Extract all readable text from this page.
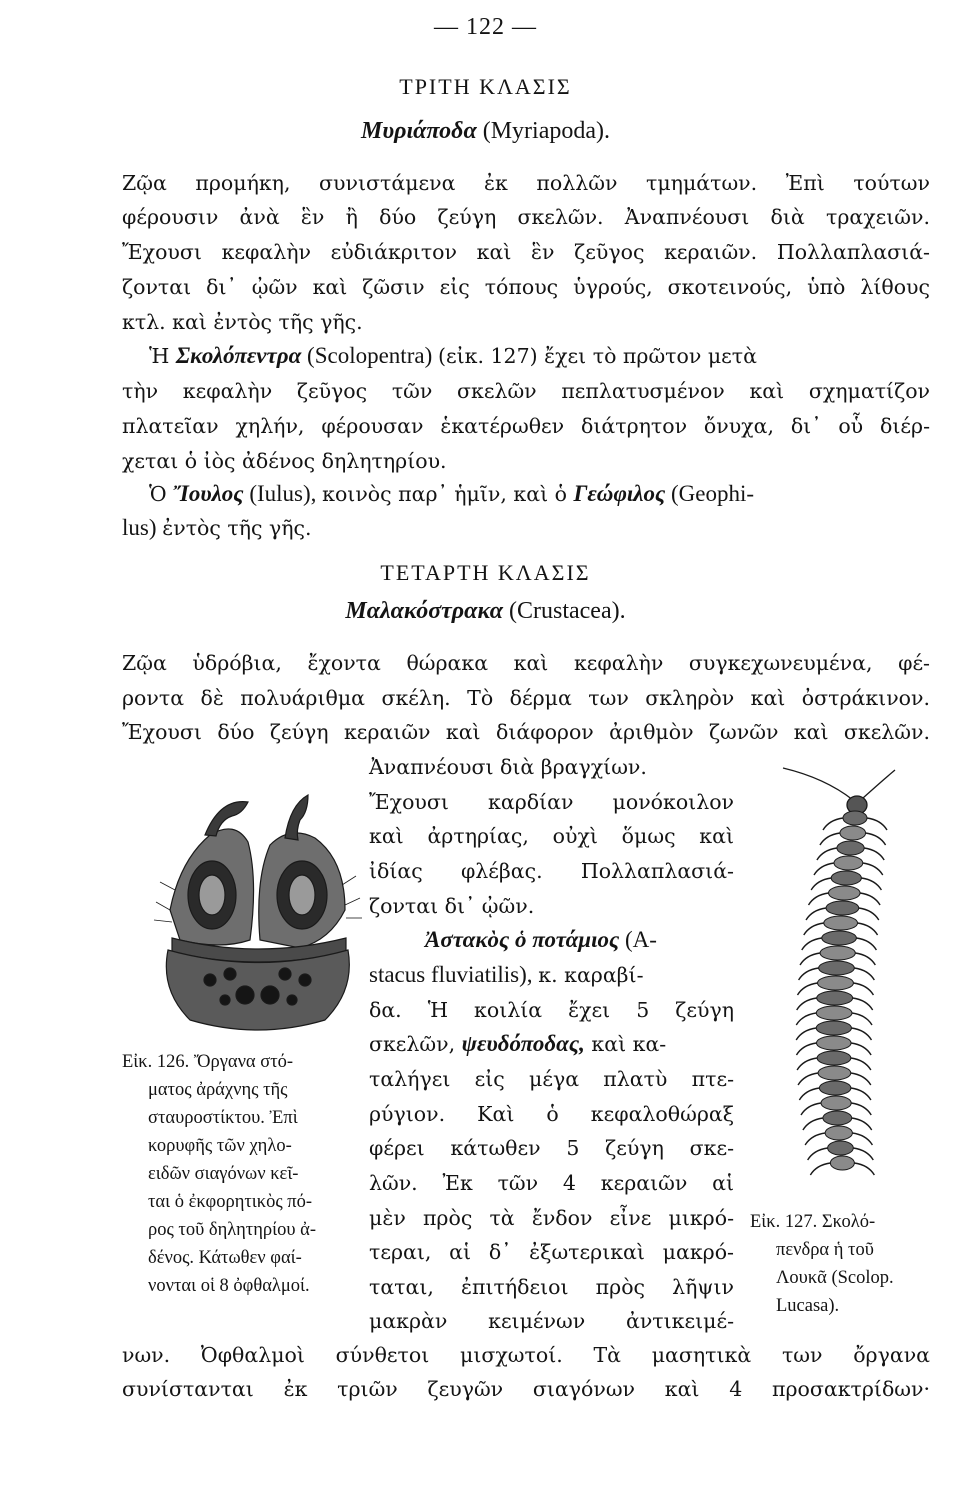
— 122 —
ΤΡΙΤΗ ΚΛΑΣΙΣ
Μυριάποδα (Myriapoda).
Ζῷα προμήκη, συνιστάμενα ἐκ πολλῶν τμημάτων. Ἐπὶ τούτων
φέρουσιν ἀνὰ ἓν ἢ δύο ζεύγη σκελῶν. Ἀναπνέουσι διὰ τραχειῶν.
Ἔχουσι κεφαλὴν εὐδιάκριτον καὶ ἓν ζεῦγος κεραιῶν. Πολλαπλασιά-
ζονται δι᾽ ᾠῶν καὶ ζῶσιν εἰς τόπους ὑγρούς, σκοτεινούς, ὑπὸ λίθους
κτλ. καὶ ἐντὸς τῆς γῆς.
Ἡ Σκολόπεντρα (Scolopentra) (εἰκ. 127) ἔχει τὸ πρῶτον μετὰ
τὴν κεφαλὴν ζεῦγος τῶν σκελῶν πεπλατυσμένον καὶ σχηματίζον
πλατεῖαν χηλήν, φέρουσαν ἑκατέρωθεν διάτρητον ὄνυχα, δι᾽ οὗ διέρ-
χεται ὁ ἰὸς ἀδένος δηλητηρίου.
Ὁ Ἴουλος (Iulus), κοινὸς παρ᾽ ἡμῖν, καὶ ὁ Γεώφιλος (Geophi-
lus) ἐντὸς τῆς γῆς.
ΤΕΤΑΡΤΗ ΚΛΑΣΙΣ
Μαλακόστρακα (Crustacea).
Ζῷα ὑδρόβια, ἔχοντα θώρακα καὶ κεφαλὴν συγκεχωνευμένα, φέ-
ροντα δὲ πολυάριθμα σκέλη. Τὸ δέρμα των σκληρὸν καὶ ὀστράκινον.
Ἔχουσι δύο ζεύγη κεραιῶν καὶ διάφορον ἀριθμὸν ζωνῶν καὶ σκελῶν.
Ἀναπνέουσι διὰ βραγχίων.
Ἔχουσι καρδίαν μονόκοιλον
καὶ ἀρτηρίας, οὐχὶ ὅμως καὶ
ἰδίας φλέβας. Πολλαπλασιά-
ζονται δι᾽ ᾠῶν.
Ἀστακὸς ὁ ποτάμιος (A-
stacus fluviatilis), κ. καραβί-
δα. Ἡ κοιλία ἔχει 5 ζεύγη
σκελῶν, ψευδόποδας, καὶ κα-
ταλήγει εἰς μέγα πλατὺ πτε-
ρύγιον. Καὶ ὁ κεφαλοθώραξ
φέρει κάτωθεν 5 ζεύγη σκε-
λῶν. Ἐκ τῶν 4 κεραιῶν αἱ
μὲν πρὸς τὰ ἔνδον εἶνε μικρό-
τεραι, αἱ δ᾽ ἐξωτερικαὶ μακρό-
ταται, ἐπιτήδειοι πρὸς λῆψιν
μακρὰν κειμένων ἀντικειμέ-
νων. Ὀφθαλμοὶ σύνθετοι μισχωτοί. Τὰ μασητικὰ των ὄργανα
συνίστανται ἐκ τριῶν ζευγῶν σιαγόνων καὶ 4 προσακτρίδων·
Εἰκ. 126. Ὄργανα στό-
ματος ἀράχνης τῆς
σταυροστίκτου. Ἐπὶ
κορυφῆς τῶν χηλο-
ειδῶν σιαγόνων κεῖ-
ται ὁ ἐκφορητικὸς πό-
ρος τοῦ δηλητηρίου ἀ-
δένος. Κάτωθεν φαί-
νονται οἱ 8 ὀφθαλμοί.
Εἰκ. 127. Σκολό-
πενδρα ἡ τοῦ
Λουκᾶ (Scolop.
Lucasa).
